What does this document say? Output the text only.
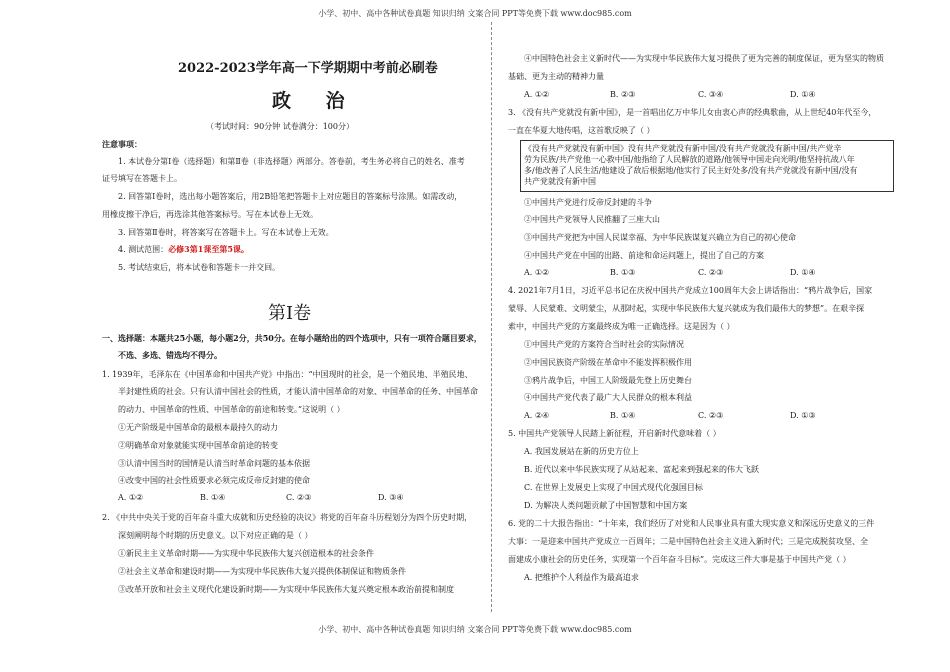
小学、初中、高中各种试卷真题 知识归纳 文案合同 PPT等免费下载 www.doc985.com
2022-2023学年高一下学期期中考前必刷卷
政 治
（考试时间：90分钟 试卷满分：100分）
注意事项：
1. 本试卷分第Ⅰ卷（选择题）和第Ⅱ卷（非选择题）两部分。答卷前，考生务必将自己的姓名、准考
证号填写在答题卡上。
2. 回答第Ⅰ卷时，选出每小题答案后，用2B铅笔把答题卡上对应题目的答案标号涂黑。如需改动，
用橡皮擦干净后，再选涂其他答案标号。写在本试卷上无效。
3. 回答第Ⅱ卷时，将答案写在答题卡上。写在本试卷上无效。
4. 测试范围：必修3第1课至第5课。
5. 考试结束后，将本试卷和答题卡一并交回。
第Ⅰ卷
一、选择题：本题共25小题，每小题2分，共50分。在每小题给出的四个选项中，只有一项符合题目要求，
不选、多选、错选均不得分。
1. 1939年，毛泽东在《中国革命和中国共产党》中指出：“中国现时的社会，是一个殖民地、半殖民地、
半封建性质的社会。只有认清中国社会的性质，才能认清中国革命的对象、中国革命的任务、中国革命
的动力、中国革命的性质、中国革命的前途和转变。”这说明（ ）
①无产阶级是中国革命的最根本最持久的动力
②明确革命对象就能实现中国革命前途的转变
③认清中国当时的国情是认清当时革命问题的基本依据
④改变中国的社会性质要求必须完成反帝反封建的使命
A. ①②	B. ①④	C. ②③	D. ③④
2. 《中共中央关于党的百年奋斗重大成就和历史经验的决议》将党的百年奋斗历程划分为四个历史时期，
深刻阐明每个时期的历史意义。以下对应正确的是（ ）
①新民主主义革命时期——为实现中华民族伟大复兴创造根本的社会条件
②社会主义革命和建设时期——为实现中华民族伟大复兴提供体制保证和物质条件
③改革开放和社会主义现代化建设新时期——为实现中华民族伟大复兴奠定根本政治前提和制度
④中国特色社会主义新时代——为实现中华民族伟大复习提供了更为完善的制度保证，更为坚实的物质
基础、更为主动的精神力量
A. ①②	B. ②③	C. ③④	D. ①④
3. 《没有共产党就没有新中国》，是一首唱出亿万中华儿女由衷心声的经典歌曲，从上世纪40年代至今，
一直在华夏大地传唱，这首歌反映了（ ）
《没有共产党就没有新中国》没有共产党就没有新中国/没有共产党就没有新中国/共产党辛
劳为民族/共产党他一心救中国/他指给了人民解放的道路/他领导中国走向光明/他坚持抗战八年
多/他改善了人民生活/他建设了敌后根据地/他实行了民主好处多/没有共产党就没有新中国/没有
共产党就没有新中国
①中国共产党进行反帝反封建的斗争
②中国共产党领导人民推翻了三座大山
③中国共产党把为中国人民谋幸福、为中华民族谋复兴确立为自己的初心使命
④中国共产党在中国的出路、前途和命运问题上，提出了自己的方案
A. ①②	B. ①③	C. ②③	D. ①④
4. 2021年7月1日，习近平总书记在庆祝中国共产党成立100周年大会上讲话指出：“鸦片战争后，国家
蒙辱、人民蒙难、文明蒙尘，从那时起，实现中华民族伟大复兴就成为我们最伟大的梦想”。在艰辛探
索中，中国共产党的方案最终成为唯一正确选择。这是因为（ ）
①中国共产党的方案符合当时社会的实际情况
②中国民族资产阶级在革命中不能发挥积极作用
③鸦片战争后，中国工人阶级最先登上历史舞台
④中国共产党代表了最广大人民群众的根本利益
A. ②④	B. ①④	C. ②③	D. ①③
5. 中国共产党领导人民踏上新征程，开启新时代意味着（ ）
A. 我国发展站在新的历史方位上
B. 近代以来中华民族实现了从站起来、富起来到强起来的伟大飞跃
C. 在世界上发展史上实现了中国式现代化强国目标
D. 为解决人类问题贡献了中国智慧和中国方案
6. 党的二十大报告指出：“十年来，我们经历了对党和人民事业具有重大现实意义和深远历史意义的三件
大事：一是迎来中国共产党成立一百周年；二是中国特色社会主义进入新时代；三是完成脱贫攻坚、全
面建成小康社会的历史任务，实现第一个百年奋斗目标”。完成这三件大事是基于中国共产党（ ）
A. 把维护个人利益作为最高追求
小学、初中、高中各种试卷真题 知识归纳 文案合同 PPT等免费下载 www.doc985.com
